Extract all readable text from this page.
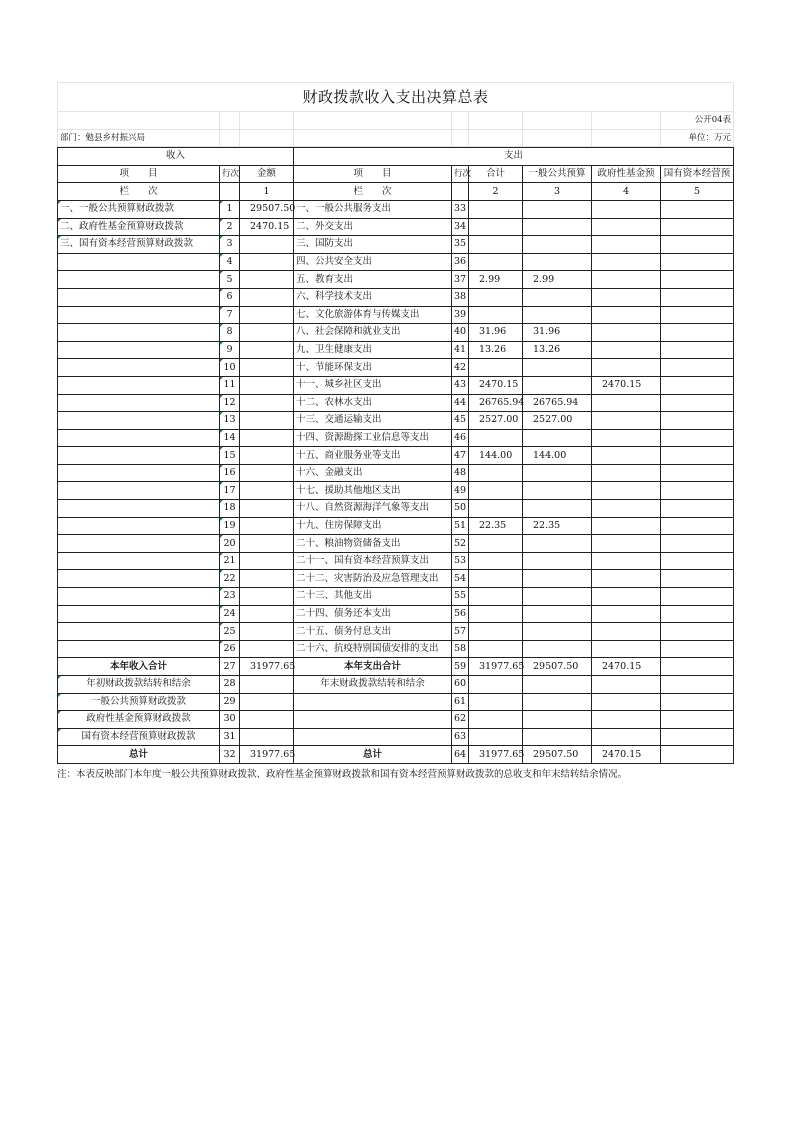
财政拨款收入支出决算总表								
								公开04表
部门：勉县乡村振兴局								单位：万元
收入			支出					
项　　目	行次	金额	项　　目	行次	合计	一般公共预算	政府性基金预	国有资本经营预
栏　　次		1	栏　　次		2	3	4	5
一、一般公共预算财政拨款	1	29507.50	一、一般公共服务支出	33				
二、政府性基金预算财政拨款	2	2470.15	二、外交支出	34				
三、国有资本经营预算财政拨款	3		三、国防支出	35				
	4		四、公共安全支出	36				
	5		五、教育支出	37	2.99	2.99		
	6		六、科学技术支出	38				
	7		七、文化旅游体育与传媒支出	39				
	8		八、社会保障和就业支出	40	31.96	31.96		
	9		九、卫生健康支出	41	13.26	13.26		
	10		十、节能环保支出	42				
	11		十一、城乡社区支出	43	2470.15		2470.15	
	12		十二、农林水支出	44	26765.94	26765.94		
	13		十三、交通运输支出	45	2527.00	2527.00		
	14		十四、资源勘探工业信息等支出	46				
	15		十五、商业服务业等支出	47	144.00	144.00		
	16		十六、金融支出	48				
	17		十七、援助其他地区支出	49				
	18		十八、自然资源海洋气象等支出	50				
	19		十九、住房保障支出	51	22.35	22.35		
	20		二十、粮油物资储备支出	52				
	21		二十一、国有资本经营预算支出	53				
	22		二十二、灾害防治及应急管理支出	54				
	23		二十三、其他支出	55				
	24		二十四、债务还本支出	56				
	25		二十五、债务付息支出	57				
	26		二十六、抗疫特别国债安排的支出	58				
本年收入合计	27	31977.65	本年支出合计	59	31977.65	29507.50	2470.15	
年初财政拨款结转和结余	28		年末财政拨款结转和结余	60				
一般公共预算财政拨款	29			61				
政府性基金预算财政拨款	30			62				
国有资本经营预算财政拨款	31			63				
总计	32	31977.65	总计	64	31977.65	29507.50	2470.15	
注：本表反映部门本年度一般公共预算财政拨款、政府性基金预算财政拨款和国有资本经营预算财政拨款的总收支和年末结转结余情况。
